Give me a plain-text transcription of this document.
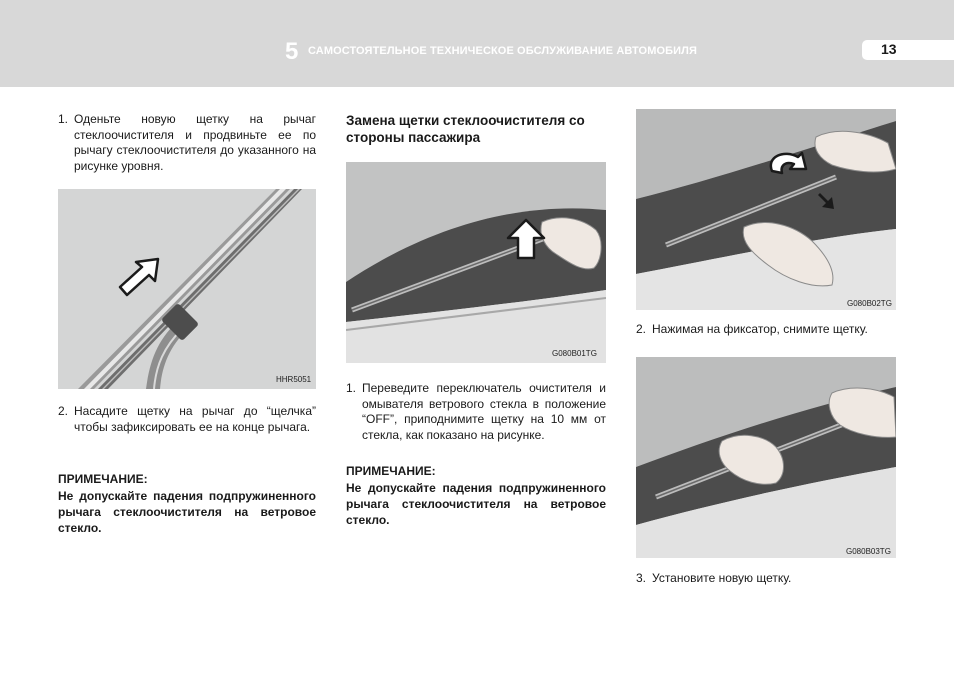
5 САМОСТОЯТЕЛЬНОЕ ТЕХНИЧЕСКОЕ ОБСЛУЖИВАНИЕ АВТОМОБИЛЯ	13
1. Оденьте новую щетку на рычаг стеклоочистителя и продвиньте ее по рычагу стеклоочистителя до указанного на рисунке уровня.
HHR5051
2. Насадите щетку на рычаг до “щелчка” чтобы зафиксировать ее на конце рычага.
ПРИМЕЧАНИЕ:
Не допускайте падения подпружиненного рычага стеклоочистителя на ветровое стекло.
Замена щетки стеклоочистителя со стороны пассажира
G080B01TG
1. Переведите переключатель очистителя и омывателя ветрового стекла в положение “OFF”, приподнимите щетку на 10 мм от стекла, как показано на рисунке.
ПРИМЕЧАНИЕ:
Не допускайте падения подпружиненного рычага стеклоочистителя на ветровое стекло.
G080B02TG
2. Нажимая на фиксатор, снимите щетку.
G080B03TG
3. Установите новую щетку.
